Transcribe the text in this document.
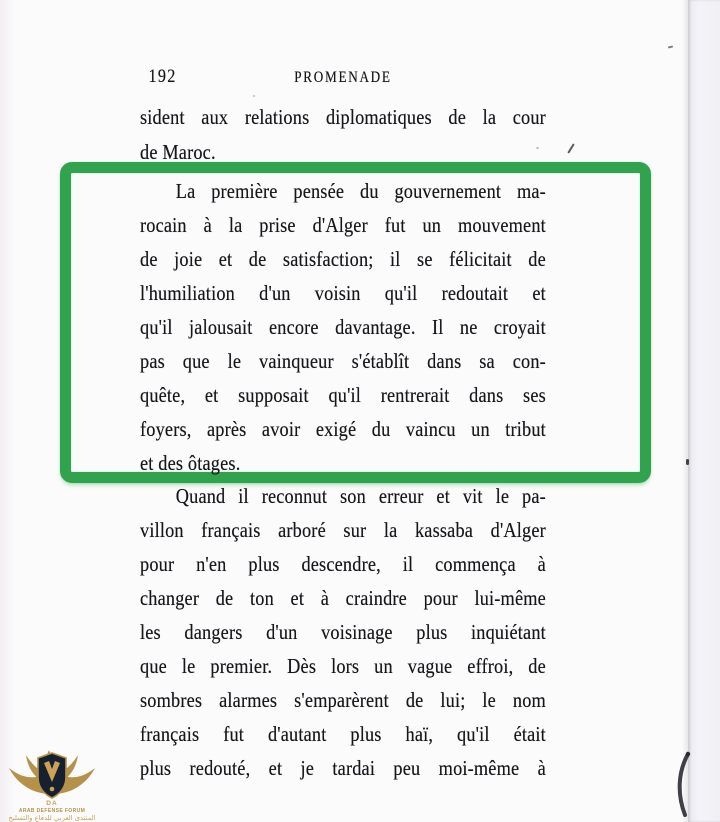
192	PROMENADE
sident aux relations diplomatiques de la cour
de Maroc.
La première pensée du gouvernement ma-
rocain à la prise d'Alger fut un mouvement
de joie et de satisfaction; il se félicitait de
l'humiliation d'un voisin qu'il redoutait et
qu'il jalousait encore davantage. Il ne croyait
pas que le vainqueur s'établît dans sa con-
quête, et supposait qu'il rentrerait dans ses
foyers, après avoir exigé du vaincu un tribut
et des ôtages.
Quand il reconnut son erreur et vit le pa-
villon français arboré sur la kassaba d'Alger
pour n'en plus descendre, il commença à
changer de ton et à craindre pour lui-même
les dangers d'un voisinage plus inquiétant
que le premier. Dès lors un vague effroi, de
sombres alarmes s'emparèrent de lui; le nom
français fut d'autant plus haï, qu'il était
plus redouté, et je tardai peu moi-même à
DA
ARAB DEFENSE FORUM
المنتدى العربي للدفاع والتسليح
